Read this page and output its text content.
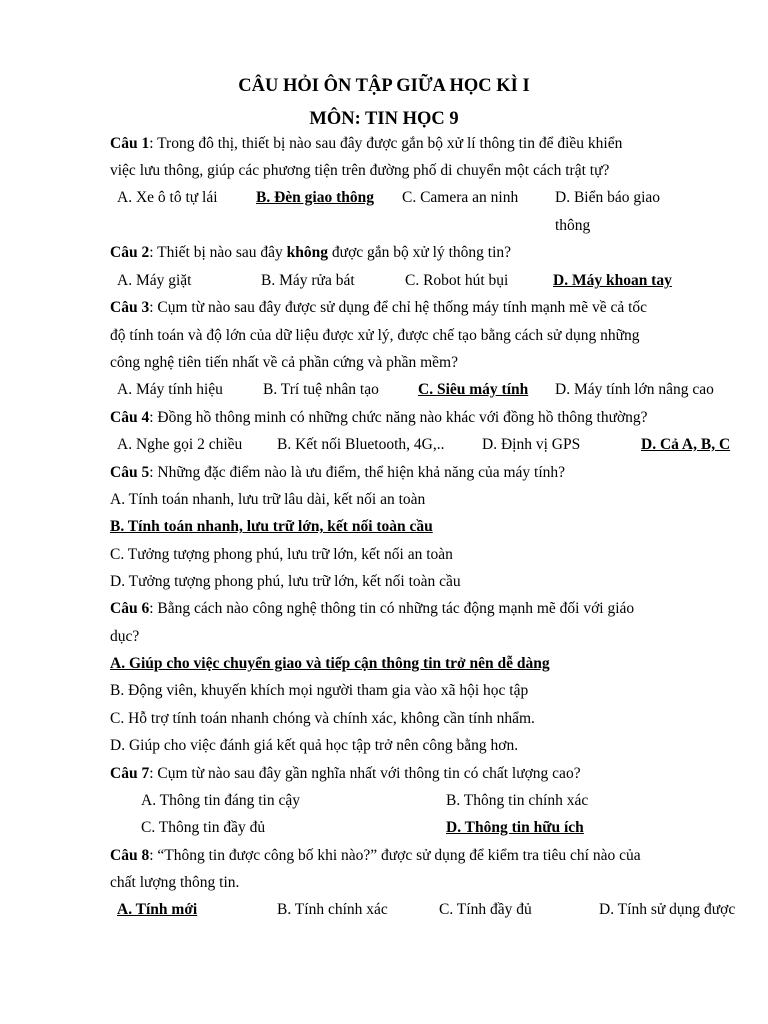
CÂU HỎI ÔN TẬP GIỮA HỌC KÌ I
MÔN: TIN HỌC 9
Câu 1: Trong đô thị, thiết bị nào sau đây được gắn bộ xử lí thông tin để điều khiển
việc lưu thông, giúp các phương tiện trên đường phố di chuyển một cách trật tự?
A. Xe ô tô tự lái B. Đèn giao thông C. Camera an ninh D. Biển báo giao
thông
Câu 2: Thiết bị nào sau đây không được gắn bộ xử lý thông tin?
A. Máy giặt	B. Máy rửa bát	C. Robot hút bụi	D. Máy khoan tay
Câu 3: Cụm từ nào sau đây được sử dụng để chỉ hệ thống máy tính mạnh mẽ về cả tốc
độ tính toán và độ lớn của dữ liệu được xử lý, được chế tạo bằng cách sử dụng những
công nghệ tiên tiến nhất về cả phần cứng và phần mềm?
A. Máy tính hiệu	B. Trí tuệ nhân tạo	C. Siêu máy tính D. Máy tính lớn nâng cao
Câu 4: Đồng hồ thông minh có những chức năng nào khác với đồng hồ thông thường?
A. Nghe gọi 2 chiều B. Kết nối Bluetooth, 4G,.. D. Định vị GPS	D. Cả A, B, C
Câu 5: Những đặc điểm nào là ưu điểm, thể hiện khả năng của máy tính?
A. Tính toán nhanh, lưu trữ lâu dài, kết nối an toàn
B. Tính toán nhanh, lưu trữ lớn, kết nối toàn cầu
C. Tưởng tượng phong phú, lưu trữ lớn, kết nối an toàn
D. Tưởng tượng phong phú, lưu trữ lớn, kết nối toàn cầu
Câu 6: Bằng cách nào công nghệ thông tin có những tác động mạnh mẽ đối với giáo
dục?
A. Giúp cho việc chuyển giao và tiếp cận thông tin trở nên dễ dàng
B. Động viên, khuyến khích mọi người tham gia vào xã hội học tập
C. Hỗ trợ tính toán nhanh chóng và chính xác, không cần tính nhẩm.
D. Giúp cho việc đánh giá kết quả học tập trở nên công bằng hơn.
Câu 7: Cụm từ nào sau đây gần nghĩa nhất với thông tin có chất lượng cao?
A. Thông tin đáng tin cậy	B. Thông tin chính xác
C. Thông tin đầy đủ	D. Thông tin hữu ích
Câu 8: “Thông tin được công bố khi nào?” được sử dụng để kiểm tra tiêu chí nào của
chất lượng thông tin.
A. Tính mới	B. Tính chính xác	C. Tính đầy đủ	D. Tính sử dụng được
